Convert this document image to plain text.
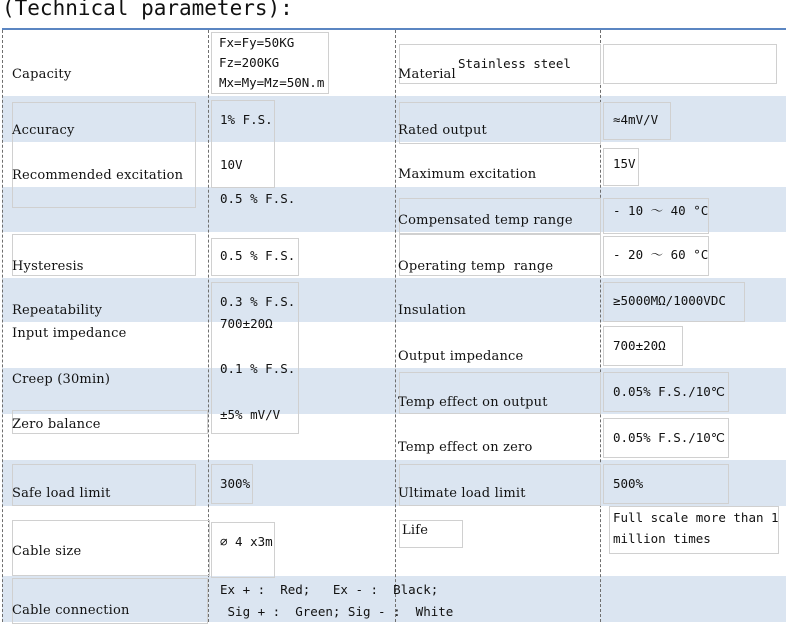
(Technical parameters):
Capacity
Fx=Fy=50KG
Fz=200KG
Mx=My=Mz=50N.m
Material
Stainless steel
Accuracy
1% F.S.
Rated output
≈4mV/V
Recommended excitation
10V
Maximum excitation
15V
0.5 % F.S.
Compensated temp range
- 10 ～ 40 °C
Hysteresis
0.5 % F.S.
Operating temp  range
- 20 ～ 60 °C
Repeatability
0.3 % F.S.
Insulation
≥5000MΩ/1000VDC
Input impedance
700±20Ω
Output impedance
700±20Ω
Creep (30min)
0.1 % F.S.
Temp effect on output
0.05% F.S./10℃
Zero balance
±5% mV/V
Temp effect on zero
0.05% F.S./10℃
Safe load limit
300%
Ultimate load limit
500%
Cable size
⌀ 4 x3m
Life
Full scale more than 1
million times
Cable connection
Ex + :  Red;   Ex - :  Black;
Sig + :  Green; Sig - :  White
